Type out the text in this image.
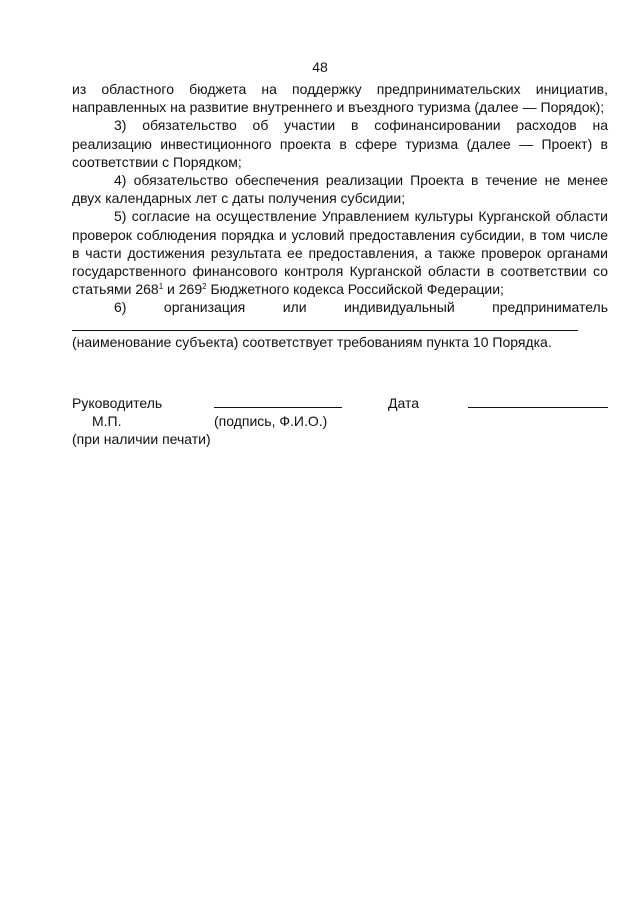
48

из областного бюджета на поддержку предпринимательских инициатив, направленных на развитие внутреннего и въездного туризма (далее — Порядок);

3) обязательство об участии в софинансировании расходов на реализацию инвестиционного проекта в сфере туризма (далее — Проект) в соответствии с Порядком;

4) обязательство обеспечения реализации Проекта в течение не менее двух календарных лет с даты получения субсидии;

5) согласие на осуществление Управлением культуры Курганской области проверок соблюдения порядка и условий предоставления субсидии, в том числе в части достижения результата ее предоставления, а также проверок органами государственного финансового контроля Курганской области в соответствии со статьями $268^1$ и $269^2$ Бюджетного кодекса Российской Федерации;

6)	организация или индивидуальный предприниматель

(наименование субъекта) соответствует требованиям пункта 10 Порядка.

Руководитель	Дата
М.П.	(подпись, Ф.И.О.)
(при наличии печати)
